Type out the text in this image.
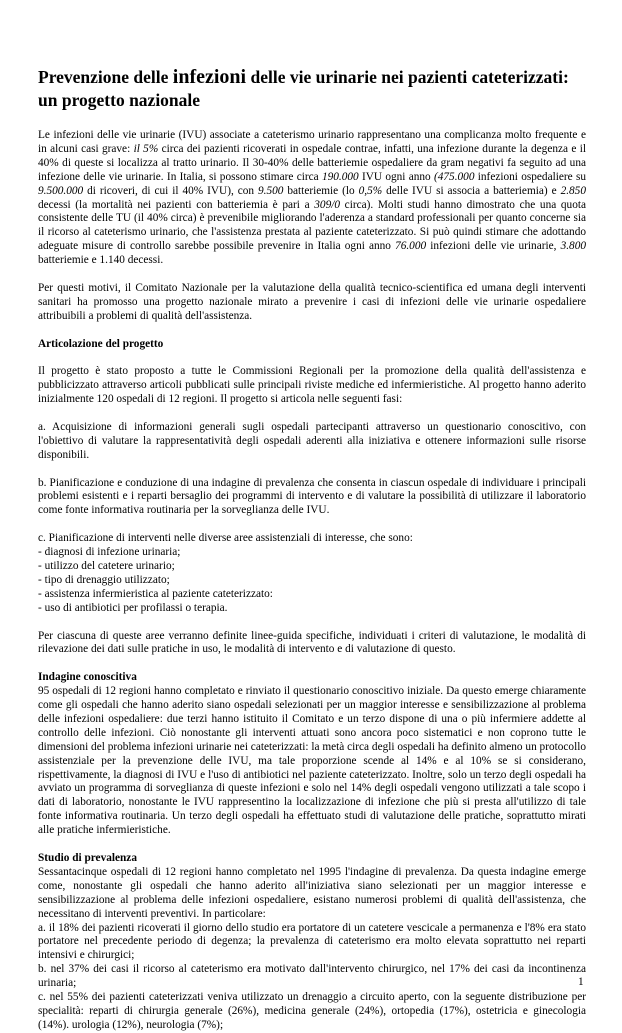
Prevenzione delle infezioni delle vie urinarie nei pazienti cateterizzati: un progetto nazionale

Le infezioni delle vie urinarie (IVU) associate a cateterismo urinario rappresentano una complicanza molto frequente e in alcuni casi grave: il 5% circa dei pazienti ricoverati in ospedale contrae, infatti, una infezione durante la degenza e il 40% di queste si localizza al tratto urinario. Il 30-40% delle batteriemie ospedaliere da gram negativi fa seguito ad una infezione delle vie urinarie. In Italia, si possono stimare circa 190.000 IVU ogni anno (475.000 infezioni ospedaliere su 9.500.000 di ricoveri, di cui il 40% IVU), con 9.500 batteriemie (lo 0,5% delle IVU si associa a batteriemia) e 2.850 decessi (la mortalità nei pazienti con batteriemia è pari a 309/0 circa). Molti studi hanno dimostrato che una quota consistente delle TU (il 40% circa) è prevenibile migliorando l'aderenza a standard professionali per quanto concerne sia il ricorso al cateterismo urinario, che l'assistenza prestata al paziente cateterizzato. Si può quindi stimare che adottando adeguate misure di controllo sarebbe possibile prevenire in Italia ogni anno 76.000 infezioni delle vie urinarie, 3.800 batteriemie e 1.140 decessi.

Per questi motivi, il Comitato Nazionale per la valutazione della qualità tecnico-scientifica ed umana degli interventi sanitari ha promosso una progetto nazionale mirato a prevenire i casi di infezioni delle vie urinarie ospedaliere attribuibili a problemi di qualità dell'assistenza.

Articolazione del progetto

Il progetto è stato proposto a tutte le Commissioni Regionali per la promozione della qualità dell'assistenza e pubblicizzato attraverso articoli pubblicati sulle principali riviste mediche ed infermieristiche. Al progetto hanno aderito inizialmente 120 ospedali di 12 regioni. Il progetto si articola nelle seguenti fasi:

a. Acquisizione di informazioni generali sugli ospedali partecipanti attraverso un questionario conoscitivo, con l'obiettivo di valutare la rappresentatività degli ospedali aderenti alla iniziativa e ottenere informazioni sulle risorse disponibili.

b. Pianificazione e conduzione di una indagine di prevalenza che consenta in ciascun ospedale di individuare i principali problemi esistenti e i reparti bersaglio dei programmi di intervento e di valutare la possibilità di utilizzare il laboratorio come fonte informativa routinaria per la sorveglianza delle IVU.

c. Pianificazione di interventi nelle diverse aree assistenziali di interesse, che sono:

- diagnosi di infezione urinaria;

- utilizzo del catetere urinario;

- tipo di drenaggio utilizzato;

- assistenza infermieristica al paziente cateterizzato:

- uso di antibiotici per profilassi o terapia.

Per ciascuna di queste aree verranno definite linee-guida specifiche, individuati i criteri di valutazione, le modalità di rilevazione dei dati sulle pratiche in uso, le modalità di intervento e di valutazione di questo.

Indagine conoscitiva

95 ospedali di 12 regioni hanno completato e rinviato il questionario conoscitivo iniziale. Da questo emerge chiaramente come gli ospedali che hanno aderito siano ospedali selezionati per un maggior interesse e sensibilizzazione al problema delle infezioni ospedaliere: due terzi hanno istituito il Comitato e un terzo dispone di una o più infermiere addette al controllo delle infezioni. Ciò nonostante gli interventi attuati sono ancora poco sistematici e non coprono tutte le dimensioni del problema infezioni urinarie nei cateterizzati: la metà circa degli ospedali ha definito almeno un protocollo assistenziale per la prevenzione delle IVU, ma tale proporzione scende al 14% e al 10% se si considerano, rispettivamente, la diagnosi di IVU e l'uso di antibiotici nel paziente cateterizzato. Inoltre, solo un terzo degli ospedali ha avviato un programma di sorveglianza di queste infezioni e solo nel 14% degli ospedali vengono utilizzati a tale scopo i dati di laboratorio, nonostante le IVU rappresentino la localizzazione di infezione che più si presta all'utilizzo di tale fonte informativa routinaria. Un terzo degli ospedali ha effettuato studi di valutazione delle pratiche, soprattutto mirati alle pratiche infermieristiche.

Studio di prevalenza

Sessantacinque ospedali di 12 regioni hanno completato nel 1995 l'indagine di prevalenza. Da questa indagine emerge come, nonostante gli ospedali che hanno aderito all'iniziativa siano selezionati per un maggior interesse e sensibilizzazione al problema delle infezioni ospedaliere, esistano numerosi problemi di qualità dell'assistenza, che necessitano di interventi preventivi. In particolare:

a. il 18% dei pazienti ricoverati il giorno dello studio era portatore di un catetere vescicale a permanenza e l'8% era stato portatore nel precedente periodo di degenza; la prevalenza di cateterismo era molto elevata soprattutto nei reparti intensivi e chirurgici;

b. nel 37% dei casi il ricorso al cateterismo era motivato dall'intervento chirurgico, nel 17% dei casi da incontinenza urinaria;

c. nel 55% dei pazienti cateterizzati veniva utilizzato un drenaggio a circuito aperto, con la seguente distribuzione per specialità: reparti di chirurgia generale (26%), medicina generale (24%), ortopedia (17%), ostetricia e ginecologia (14%). urologia (12%), neurologia (7%);

1
